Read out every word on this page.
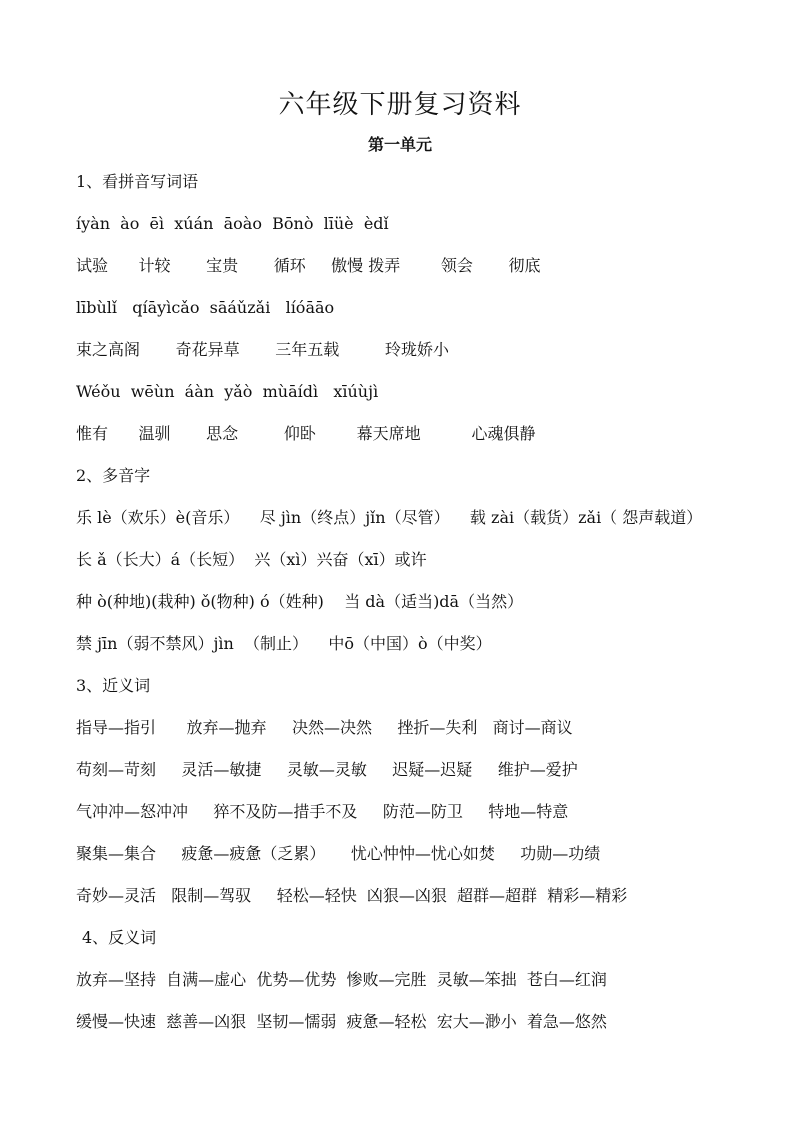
六年级下册复习资料
第一单元
1、看拼音写词语
íyàn  ào  ēì  xúán  āoào  Bōnò  līüè  èdǐ
试验      计较       宝贵       循环     傲慢 拨弄        领会       彻底
lībùlǐ   qíāyìcǎo  sāáǔzǎi   líóāāo
束之高阁       奇花异草       三年五载         玲珑娇小
Wéǒu  wēùn  áàn  yǎò  mùāídì   xīúùjì
惟有      温驯       思念         仰卧        幕天席地          心魂俱静
2、多音字
乐 lè（欢乐）è(音乐）    尽 jìn（终点）jǐn（尽管）    载 zài（载货）zǎi（ 怨声载道）
长 ǎ（长大）á（长短）  兴（xì）兴奋（xī）或许
种 ò(种地)(栽种) ǒ(物种) ó（姓种)    当 dà（适当)dā（当然）
禁 jīn（弱不禁风）jìn  （制止）    中ō（中国）ò（中奖）
3、近义词
指导—指引      放弃—抛弃     决然—决然     挫折—失利   商讨—商议
苟刻—苛刻     灵活—敏捷     灵敏—灵敏     迟疑—迟疑     维护—爱护
气冲冲—怒冲冲     猝不及防—措手不及     防范—防卫     特地—特意
聚集—集合     疲惫—疲惫（乏累）     忧心忡忡—忧心如焚     功勋—功绩
奇妙—灵活   限制—驾驭     轻松—轻快  凶狠—凶狠  超群—超群  精彩—精彩
4、反义词
放弃—坚持  自满—虚心  优势—优势  惨败—完胜  灵敏—笨拙  苍白—红润
缓慢—快速  慈善—凶狠  坚韧—懦弱  疲惫—轻松  宏大—渺小  着急—悠然
